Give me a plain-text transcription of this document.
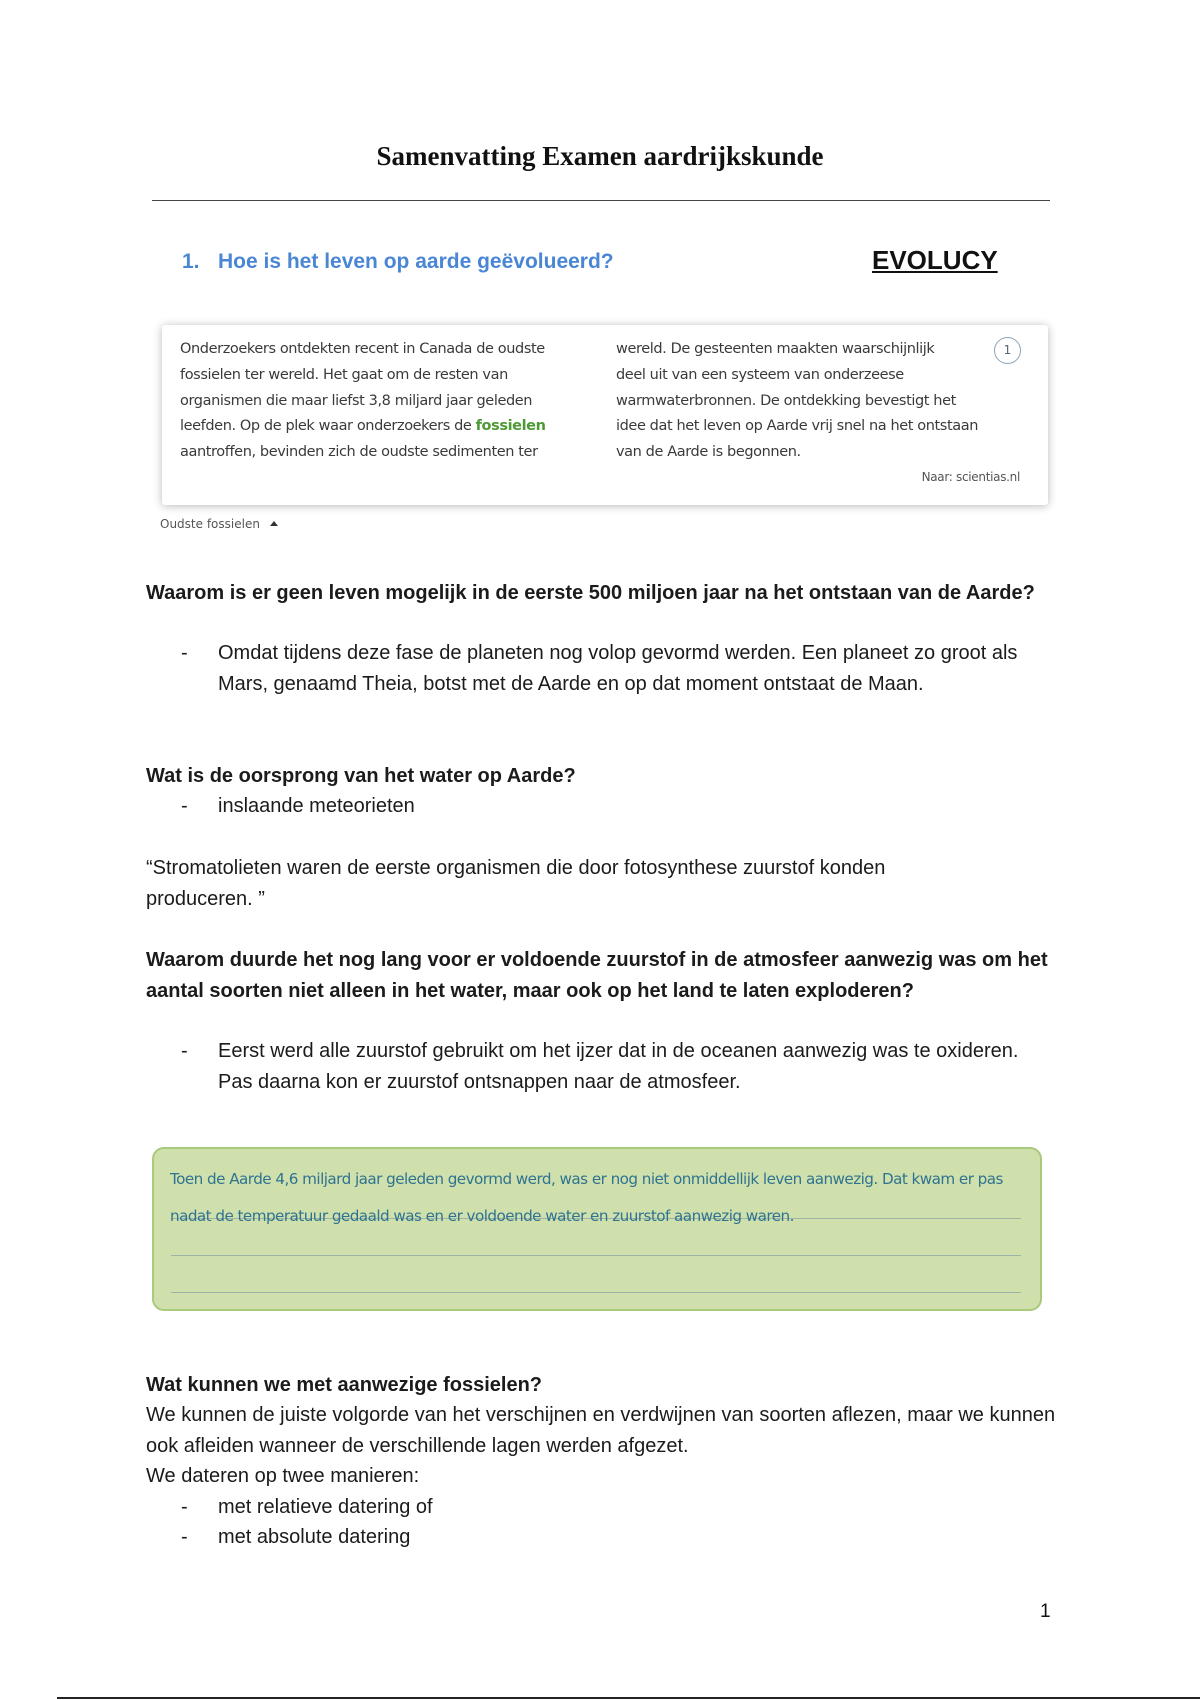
Samenvatting Examen aardrijkskunde
1. Hoe is het leven op aarde geëvolueerd?	EVOLUCY
Onderzoekers ontdekten recent in Canada de oudste
fossielen ter wereld. Het gaat om de resten van
organismen die maar liefst 3,8 miljard jaar geleden
leefden. Op de plek waar onderzoekers de fossielen
aantroffen, bevinden zich de oudste sedimenten ter
wereld. De gesteenten maakten waarschijnlijk
deel uit van een systeem van onderzeese
warmwaterbronnen. De ontdekking bevestigt het
idee dat het leven op Aarde vrij snel na het ontstaan
van de Aarde is begonnen.
1
Naar: scientias.nl
Oudste fossielen
Waarom is er geen leven mogelijk in de eerste 500 miljoen jaar na het ontstaan van de Aarde?
- Omdat tijdens deze fase de planeten nog volop gevormd werden. Een planeet zo groot als Mars, genaamd Theia, botst met de Aarde en op dat moment ontstaat de Maan.
Wat is de oorsprong van het water op Aarde?
- inslaande meteorieten
“Stromatolieten waren de eerste organismen die door fotosynthese zuurstof konden produceren. ”
Waarom duurde het nog lang voor er voldoende zuurstof in de atmosfeer aanwezig was om het aantal soorten niet alleen in het water, maar ook op het land te laten exploderen?
- Eerst werd alle zuurstof gebruikt om het ijzer dat in de oceanen aanwezig was te oxideren. Pas daarna kon er zuurstof ontsnappen naar de atmosfeer.
Toen de Aarde 4,6 miljard jaar geleden gevormd werd, was er nog niet onmiddellijk leven aanwezig. Dat kwam er pas nadat de temperatuur gedaald was en er voldoende water en zuurstof aanwezig waren.
Wat kunnen we met aanwezige fossielen?
We kunnen de juiste volgorde van het verschijnen en verdwijnen van soorten aflezen, maar we kunnen ook afleiden wanneer de verschillende lagen werden afgezet.
We dateren op twee manieren:
- met relatieve datering of
- met absolute datering
1
